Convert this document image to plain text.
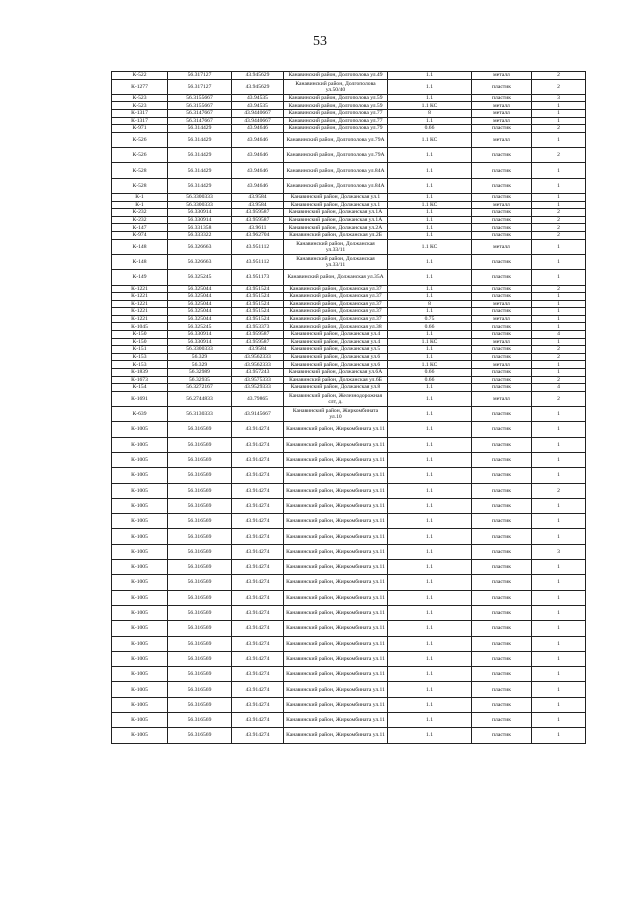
53
К-522	56.317127	43.945629	Канавинский район, Долгополова ул.49	1.1	металл	2
К-1277	56.317127	43.945629	Канавинский район, Долгополова ул.50/40	1.1	пластик	2
К-523	56.3155667	43.94535	Канавинский район, Долгополова ул.59	1.1	пластик	3
К-523	56.3155667	43.94535	Канавинский район, Долгополова ул.59	1.1 КС	металл	1
К-1317	56.3147667	43.9440667	Канавинский район, Долгополова ул.77	8	металл	1
К-1317	56.3147667	43.9440667	Канавинский район, Долгополова ул.77	1.1	металл	1
К-971	56.314429	43.94646	Канавинский район, Долгополова ул.79	0.66	пластик	2
К-526	56.314429	43.94646	Канавинский район, Долгополова ул.79А	1.1 КС	металл	1
К-526	56.314429	43.94646	Канавинский район, Долгополова ул.79А	1.1	пластик	2
К-528	56.314429	43.94646	Канавинский район, Долгополова ул.84А	1.1	пластик	1
К-528	56.314429	43.94646	Канавинский район, Долгополова ул.84А	1.1	пластик	1
К-1	56.3300333	43.9584	Канавинский район, Должанская ул.1	1.1	пластик	1
К-1	56.3300333	43.9584	Канавинский район, Должанская ул.1	1.1 КС	металл	1
К-232	56.330914	43.959587	Канавинский район, Должанская ул.1А	1.1	пластик	2
К-232	56.330914	43.959587	Канавинский район, Должанская ул.1А	1.1	пластик	2
К-147	56.331358	43.9611	Канавинский район, Должанская ул.2А	1.1	пластик	2
К-974	56.333322	43.962704	Канавинский район, Должанская ул.2Б	1.1	пластик	2
К-148	56.326663	43.951112	Канавинский район, Должанская ул.33/11	1.1 КС	металл	1
К-148	56.326663	43.951112	Канавинский район, Должанская ул.33/11	1.1	пластик	1
К-149	56.325245	43.951173	Канавинский район, Должанская ул.35А	1.1	пластик	1
К-1221	56.325044	43.951524	Канавинский район, Должанская ул.37	1.1	пластик	2
К-1221	56.325044	43.951524	Канавинский район, Должанская ул.37	1.1	пластик	1
К-1221	56.325044	43.951524	Канавинский район, Должанская ул.37	8	металл	1
К-1221	56.325044	43.951524	Канавинский район, Должанская ул.37	1.1	пластик	1
К-1221	56.325044	43.951524	Канавинский район, Должанская ул.37	0.75	металл	1
К-1045	56.325245	43.953373	Канавинский район, Должанская ул.38	0.66	пластик	1
К-150	56.330914	43.959587	Канавинский район, Должанская ул.4	1.1	пластик	4
К-150	56.330914	43.959587	Канавинский район, Должанская ул.4	1.1 КС	металл	1
К-151	56.3300333	43.9584	Канавинский район, Должанская ул.5	1.1	пластик	2
К-153	56.329	43.9562333	Канавинский район, Должанская ул.6	1.1	пластик	2
К-153	56.329	43.9562333	Канавинский район, Должанская ул.6	1.1 КС	металл	1
К-1839	56.32989	43.957243	Канавинский район, Должанская ул.6А	0.66	пластик	1
К-1673	56.32935	43.9575333	Канавинский район, Должанская ул.6Б	0.66	пластик	2
К-154	56.3272167	43.9529333	Канавинский район, Должанская ул.8	1.1	пластик	4
К-1691	56.2744833	43.79865	Канавинский район, Железнодорожная слт, д.	1.1	металл	2
К-639	56.3130333	43.9145667	Канавинский район, Жиркомбината ул.10	1.1	пластик	1
К-1005	56.316569	43.914274	Канавинский район, Жиркомбината ул.11	1.1	пластик	1
К-1005	56.316569	43.914274	Канавинский район, Жиркомбината ул.11	1.1	пластик	1
К-1005	56.316569	43.914274	Канавинский район, Жиркомбината ул.11	1.1	пластик	1
К-1005	56.316569	43.914274	Канавинский район, Жиркомбината ул.11	1.1	пластик	1
К-1005	56.316569	43.914274	Канавинский район, Жиркомбината ул.11	1.1	пластик	2
К-1005	56.316569	43.914274	Канавинский район, Жиркомбината ул.11	1.1	пластик	1
К-1005	56.316569	43.914274	Канавинский район, Жиркомбината ул.11	1.1	пластик	1
К-1005	56.316569	43.914274	Канавинский район, Жиркомбината ул.11	1.1	пластик	1
К-1005	56.316569	43.914274	Канавинский район, Жиркомбината ул.11	1.1	пластик	3
К-1005	56.316569	43.914274	Канавинский район, Жиркомбината ул.11	1.1	пластик	1
К-1005	56.316569	43.914274	Канавинский район, Жиркомбината ул.11	1.1	пластик	1
К-1005	56.316569	43.914274	Канавинский район, Жиркомбината ул.11	1.1	пластик	1
К-1005	56.316569	43.914274	Канавинский район, Жиркомбината ул.11	1.1	пластик	1
К-1005	56.316569	43.914274	Канавинский район, Жиркомбината ул.11	1.1	пластик	1
К-1005	56.316569	43.914274	Канавинский район, Жиркомбината ул.11	1.1	пластик	1
К-1005	56.316569	43.914274	Канавинский район, Жиркомбината ул.11	1.1	пластик	1
К-1005	56.316569	43.914274	Канавинский район, Жиркомбината ул.11	1.1	пластик	1
К-1005	56.316569	43.914274	Канавинский район, Жиркомбината ул.11	1.1	пластик	1
К-1005	56.316569	43.914274	Канавинский район, Жиркомбината ул.11	1.1	пластик	1
К-1005	56.316569	43.914274	Канавинский район, Жиркомбината ул.11	1.1	пластик	1
К-1005	56.316569	43.914274	Канавинский район, Жиркомбината ул.11	1.1	пластик	1
